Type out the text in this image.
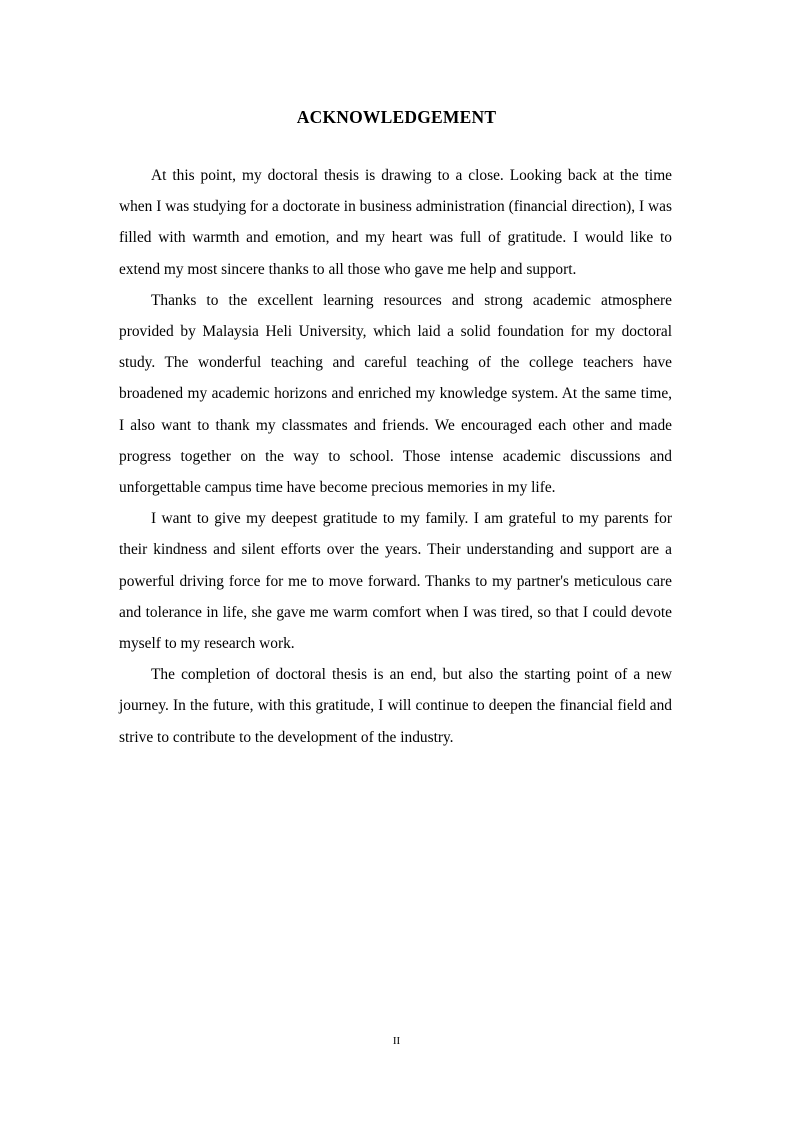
ACKNOWLEDGEMENT

At this point, my doctoral thesis is drawing to a close. Looking back at the time when I was studying for a doctorate in business administration (financial direction), I was filled with warmth and emotion, and my heart was full of gratitude. I would like to extend my most sincere thanks to all those who gave me help and support.

Thanks to the excellent learning resources and strong academic atmosphere provided by Malaysia Heli University, which laid a solid foundation for my doctoral study. The wonderful teaching and careful teaching of the college teachers have broadened my academic horizons and enriched my knowledge system. At the same time, I also want to thank my classmates and friends. We encouraged each other and made progress together on the way to school. Those intense academic discussions and unforgettable campus time have become precious memories in my life.

I want to give my deepest gratitude to my family. I am grateful to my parents for their kindness and silent efforts over the years. Their understanding and support are a powerful driving force for me to move forward. Thanks to my partner's meticulous care and tolerance in life, she gave me warm comfort when I was tired, so that I could devote myself to my research work.

The completion of doctoral thesis is an end, but also the starting point of a new journey. In the future, with this gratitude, I will continue to deepen the financial field and strive to contribute to the development of the industry.

II
